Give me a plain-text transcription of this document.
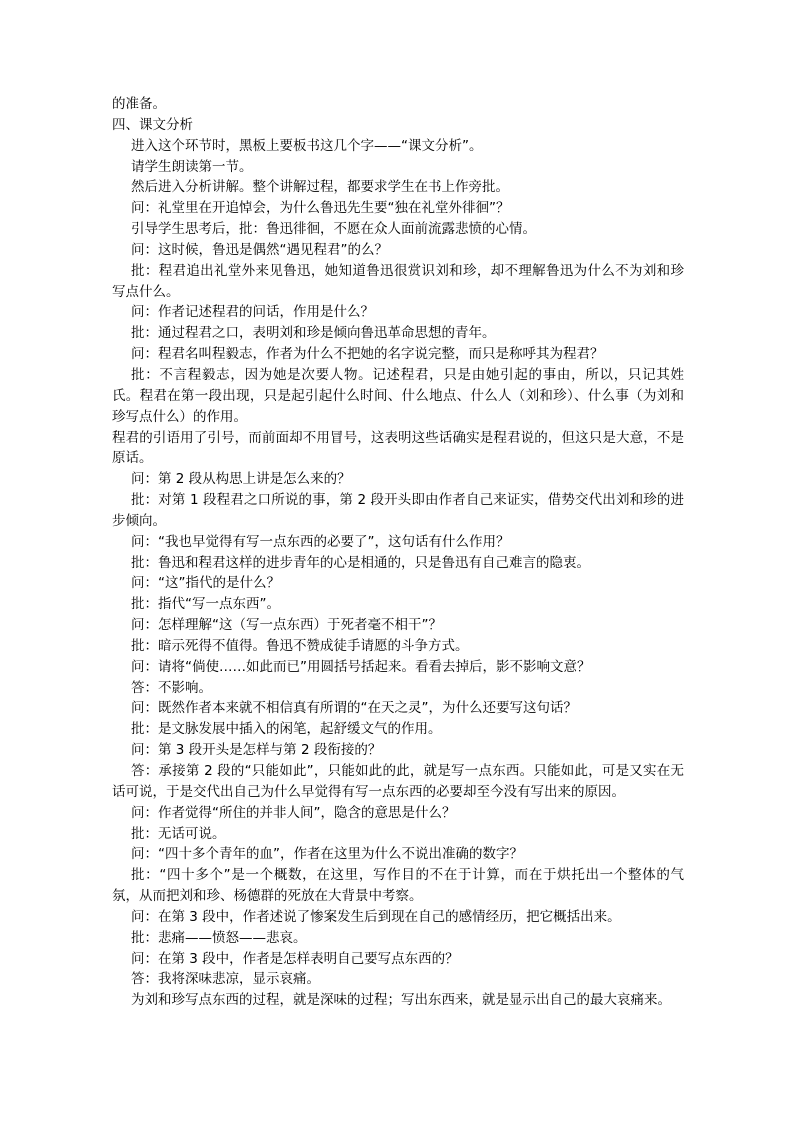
的准备。

四、课文分析

进入这个环节时，黑板上要板书这几个字——“课文分析”。

请学生朗读第一节。

然后进入分析讲解。整个讲解过程，都要求学生在书上作旁批。

问：礼堂里在开追悼会，为什么鲁迅先生要“独在礼堂外徘徊”？

引导学生思考后，批：鲁迅徘徊，不愿在众人面前流露悲愤的心情。

问：这时候，鲁迅是偶然“遇见程君”的么？

批：程君追出礼堂外来见鲁迅，她知道鲁迅很赏识刘和珍，却不理解鲁迅为什么不为刘和珍写点什么。

问：作者记述程君的问话，作用是什么？

批：通过程君之口，表明刘和珍是倾向鲁迅革命思想的青年。

问：程君名叫程毅志，作者为什么不把她的名字说完整，而只是称呼其为程君？

批：不言程毅志，因为她是次要人物。记述程君，只是由她引起的事由，所以，只记其姓氏。程君在第一段出现，只是起引起什么时间、什么地点、什么人（刘和珍）、什么事（为刘和珍写点什么）的作用。

程君的引语用了引号，而前面却不用冒号，这表明这些话确实是程君说的，但这只是大意，不是原话。

问：第 2 段从构思上讲是怎么来的？

批：对第 1 段程君之口所说的事，第 2 段开头即由作者自己来证实，借势交代出刘和珍的进步倾向。

问：“我也早觉得有写一点东西的必要了”，这句话有什么作用？

批：鲁迅和程君这样的进步青年的心是相通的，只是鲁迅有自己难言的隐衷。

问：“这”指代的是什么？

批：指代“写一点东西”。

问：怎样理解“这（写一点东西）于死者毫不相干”？

批：暗示死得不值得。鲁迅不赞成徒手请愿的斗争方式。

问：请将“倘使……如此而已”用圆括号括起来。看看去掉后，影不影响文意？

答：不影响。

问：既然作者本来就不相信真有所谓的“在天之灵”，为什么还要写这句话？

批：是文脉发展中插入的闲笔，起舒缓文气的作用。

问：第 3 段开头是怎样与第 2 段衔接的？

答：承接第 2 段的“只能如此”，只能如此的此，就是写一点东西。只能如此，可是又实在无话可说，于是交代出自己为什么早觉得有写一点东西的必要却至今没有写出来的原因。

问：作者觉得“所住的并非人间”，隐含的意思是什么？

批：无话可说。

问：“四十多个青年的血”，作者在这里为什么不说出准确的数字？

批：“四十多个”是一个概数，在这里，写作目的不在于计算，而在于烘托出一个整体的气氛，从而把刘和珍、杨德群的死放在大背景中考察。

问：在第 3 段中，作者述说了惨案发生后到现在自己的感情经历，把它概括出来。

批：悲痛——愤怒——悲哀。

问：在第 3 段中，作者是怎样表明自己要写点东西的？

答：我将深味悲凉，显示哀痛。

为刘和珍写点东西的过程，就是深味的过程；写出东西来，就是显示出自己的最大哀痛来。
